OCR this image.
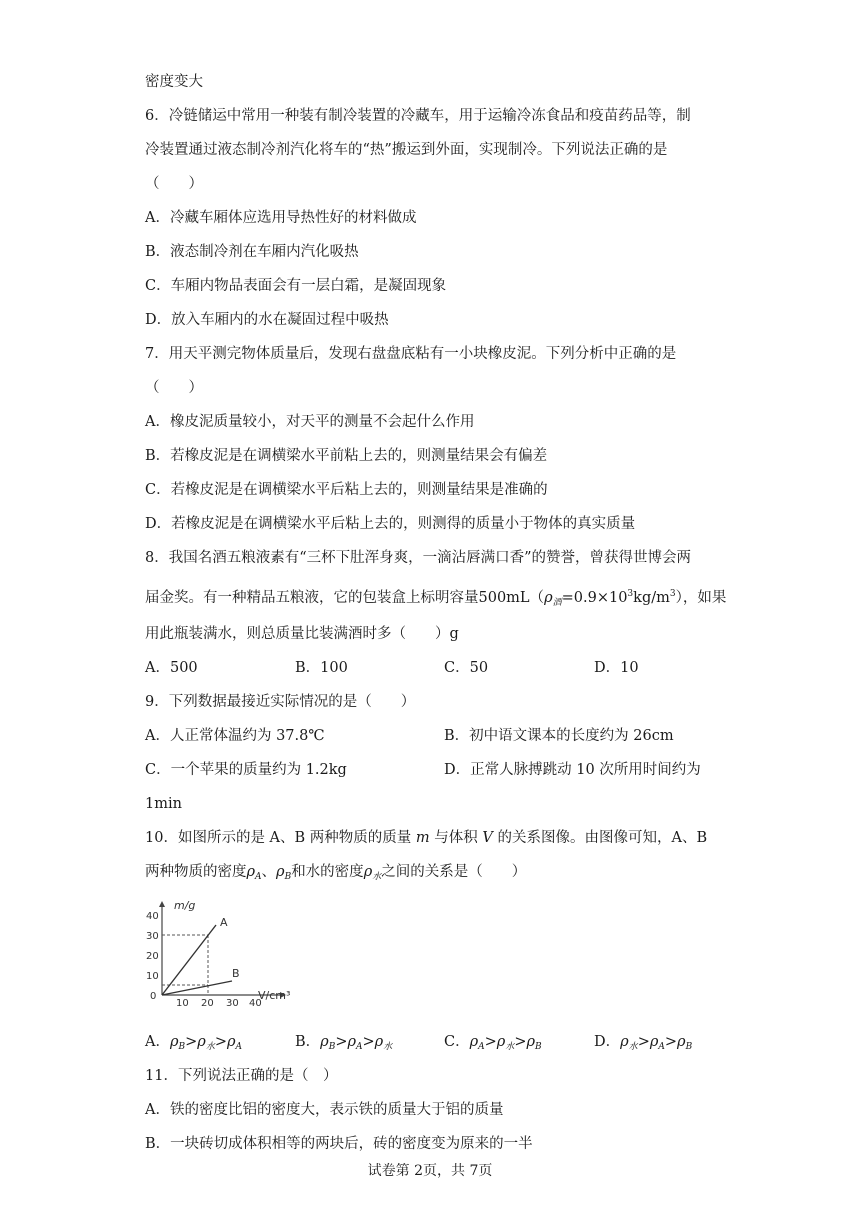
密度变大
6．冷链储运中常用一种装有制冷装置的冷藏车，用于运输冷冻食品和疫苗药品等，制
冷装置通过液态制冷剂汽化将车的“热”搬运到外面，实现制冷。下列说法正确的是
（　　）
A．冷藏车厢体应选用导热性好的材料做成
B．液态制冷剂在车厢内汽化吸热
C．车厢内物品表面会有一层白霜，是凝固现象
D．放入车厢内的水在凝固过程中吸热
7．用天平测完物体质量后，发现右盘盘底粘有一小块橡皮泥。下列分析中正确的是
（　　）
A．橡皮泥质量较小，对天平的测量不会起什么作用
B．若橡皮泥是在调横梁水平前粘上去的，则测量结果会有偏差
C．若橡皮泥是在调横梁水平后粘上去的，则测量结果是准确的
D．若橡皮泥是在调横梁水平后粘上去的，则测得的质量小于物体的真实质量
8．我国名酒五粮液素有“三杯下肚浑身爽，一滴沾唇满口香”的赞誉，曾获得世博会两
届金奖。有一种精品五粮液，它的包装盒上标明容量$500mL(\rho_酒=0.9\times 10^3kg/m^3)$，如果
用此瓶装满水，则总质量比装满酒时多（　　）g
A．500	B．100	C．50	D．10
9．下列数据最接近实际情况的是（　　）
A．人正常体温约为 37.8℃	B．初中语文课本的长度约为 26cm
C．一个苹果的质量约为 1.2kg	D．正常人脉搏跳动 10 次所用时间约为
1min
10．如图所示的是 A、B 两种物质的质量 m 与体积 V 的关系图像。由图像可知，A、B
两种物质的密度$\rho_A$、$\rho_B$和水的密度$\rho_水$之间的关系是（　　）
A
B
m/g
V/cm³
40
30
20
10
0
10 20 30 40
A．$\rho_B>\rho_水>\rho_A$	B．$\rho_B>\rho_A>\rho_水$	C．$\rho_A>\rho_水>\rho_B$	D．$\rho_水>\rho_A>\rho_B$
11．下列说法正确的是（　）
A．铁的密度比铝的密度大，表示铁的质量大于铝的质量
B．一块砖切成体积相等的两块后，砖的密度变为原来的一半
试卷第 2页，共 7页
